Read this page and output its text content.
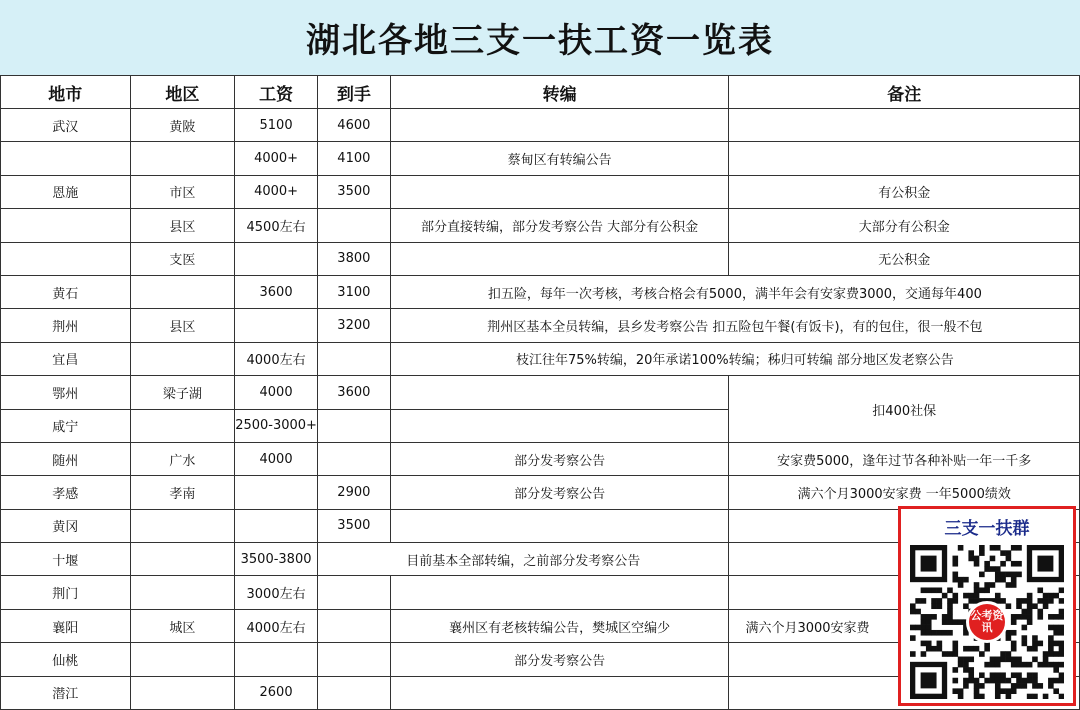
湖北各地三支一扶工资一览表
地市	地区	工资	到手	转编	备注
武汉	黄陂	5100	4600		
		4000+	4100	蔡甸区有转编公告	
恩施	市区	4000+	3500		有公积金
	县区	4500左右		部分直接转编，部分发考察公告 大部分有公积金	大部分有公积金
	支医		3800		无公积金
黄石		3600	3100	扣五险，每年一次考核，考核合格会有5000，满半年会有安家费3000，交通每年400	
荆州	县区		3200	荆州区基本全员转编，县乡发考察公告 扣五险包午餐(有饭卡)，有的包住，很一般不包	
宜昌		4000左右		枝江往年75%转编，20年承诺100%转编；秭归可转编 部分地区发老察公告	
鄂州	梁子湖	4000	3600		扣400社保
咸宁		2500-3000+			
随州	广水	4000		部分发考察公告	安家费5000，逢年过节各种补贴一年一千多
孝感	孝南		2900	部分发考察公告	满六个月3000安家费 一年5000绩效
黄冈			3500		
十堰		3500-3800	目前基本全部转编，之前部分发考察公告		
荆门		3000左右			
襄阳	城区	4000左右		襄州区有老核转编公告，樊城区空编少	满六个月3000安家费
仙桃				部分发考察公告	
潜江		2600			
三支一扶群
公考资讯
